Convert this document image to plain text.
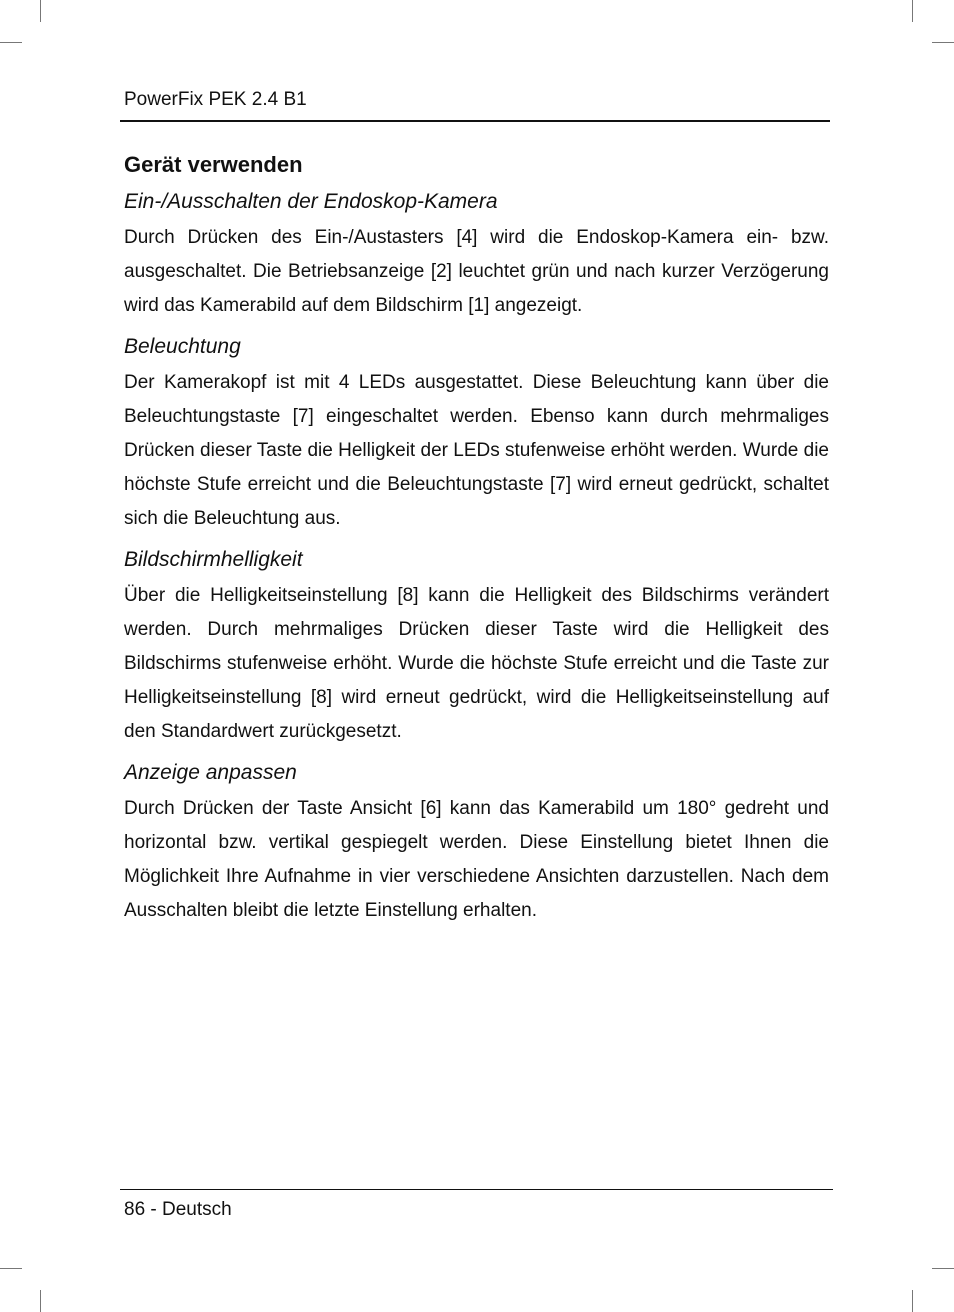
PowerFix PEK 2.4 B1
Gerät verwenden
Ein-/Ausschalten der Endoskop-Kamera
Durch Drücken des Ein-/Austasters [4] wird die Endoskop-Kamera ein- bzw. ausgeschaltet. Die Betriebsanzeige [2] leuchtet grün und nach kurzer Verzögerung wird das Kamerabild auf dem Bildschirm [1] angezeigt.
Beleuchtung
Der Kamerakopf ist mit 4 LEDs ausgestattet. Diese Beleuchtung kann über die Beleuchtungstaste [7] eingeschaltet werden. Ebenso kann durch mehrmaliges Drücken dieser Taste die Helligkeit der LEDs stufenweise erhöht werden. Wurde die höchste Stufe erreicht und die Beleuchtungstaste [7] wird erneut gedrückt, schaltet sich die Beleuchtung aus.
Bildschirmhelligkeit
Über die Helligkeitseinstellung [8] kann die Helligkeit des Bildschirms verändert werden. Durch mehrmaliges Drücken dieser Taste wird die Helligkeit des Bildschirms stufenweise erhöht. Wurde die höchste Stufe erreicht und die Taste zur Helligkeitseinstellung [8] wird erneut gedrückt, wird die Helligkeitseinstellung auf den Standardwert zurückgesetzt.
Anzeige anpassen
Durch Drücken der Taste Ansicht [6] kann das Kamerabild um 180° gedreht und horizontal bzw. vertikal gespiegelt werden. Diese Einstellung bietet Ihnen die Möglichkeit Ihre Aufnahme in vier verschiedene Ansichten darzustellen. Nach dem Ausschalten bleibt die letzte Einstellung erhalten.
86 - Deutsch
